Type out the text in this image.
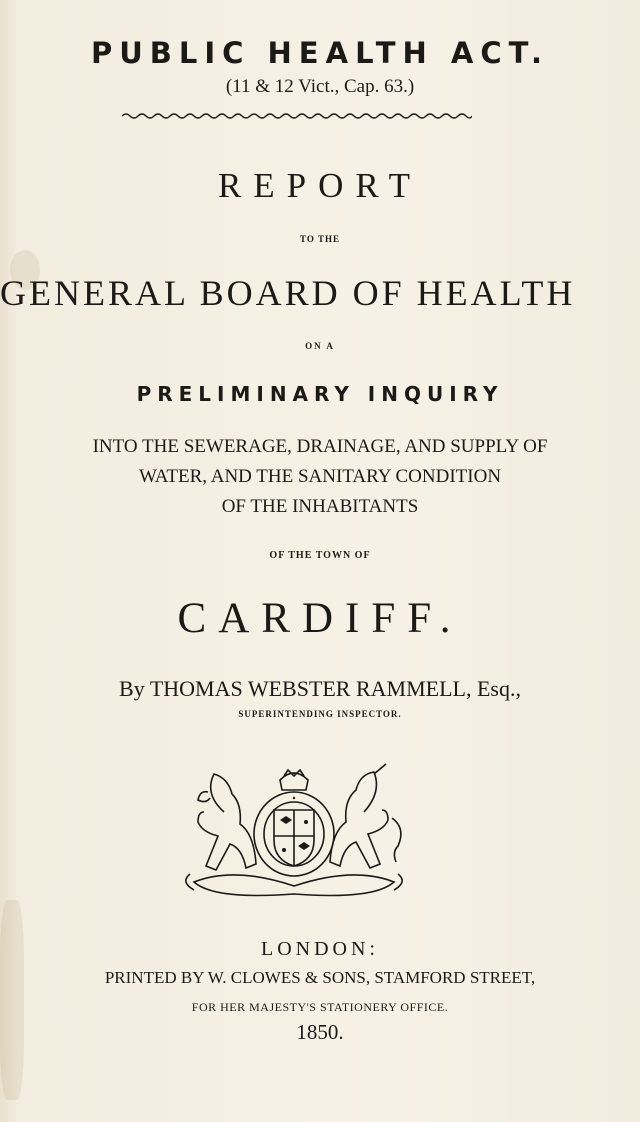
PUBLIC HEALTH ACT.
(11 & 12 Vict., Cap. 63.)
REPORT
TO THE
GENERAL BOARD OF HEALTH
ON A
PRELIMINARY INQUIRY
INTO THE SEWERAGE, DRAINAGE, AND SUPPLY OF
WATER, AND THE SANITARY CONDITION
OF THE INHABITANTS
OF THE TOWN OF
CARDIFF.
By THOMAS WEBSTER RAMMELL, Esq.,
SUPERINTENDING INSPECTOR.
LONDON:
PRINTED BY W. CLOWES & SONS, STAMFORD STREET,
FOR HER MAJESTY'S STATIONERY OFFICE.
1850.
